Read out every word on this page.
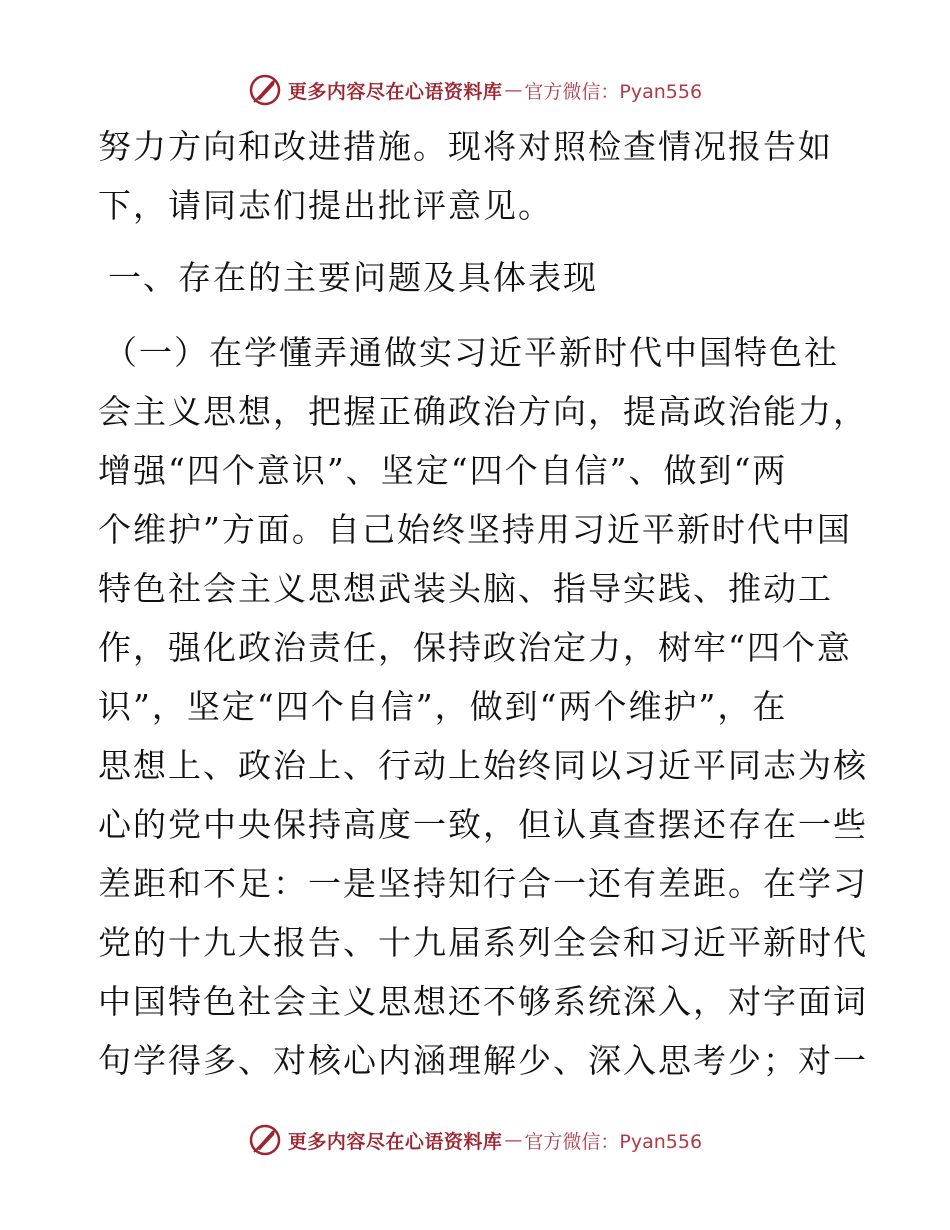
更多内容尽在心语资料库 — 官方微信：Pyan556
努力方向和改进措施。现将对照检查情况报告如
下，请同志们提出批评意见。
一、存在的主要问题及具体表现
（一）在学懂弄通做实习近平新时代中国特色社
会主义思想，把握正确政治方向，提高政治能力，
增强“四个意识”、坚定“四个自信”、做到“两
个维护”方面。自己始终坚持用习近平新时代中国
特色社会主义思想武装头脑、指导实践、推动工
作，强化政治责任，保持政治定力，树牢“四个意
识”，坚定“四个自信”，做到“两个维护”，在
思想上、政治上、行动上始终同以习近平同志为核
心的党中央保持高度一致，但认真查摆还存在一些
差距和不足：一是坚持知行合一还有差距。在学习
党的十九大报告、十九届系列全会和习近平新时代
中国特色社会主义思想还不够系统深入，对字面词
句学得多、对核心内涵理解少、深入思考少；对一
更多内容尽在心语资料库 — 官方微信：Pyan556
